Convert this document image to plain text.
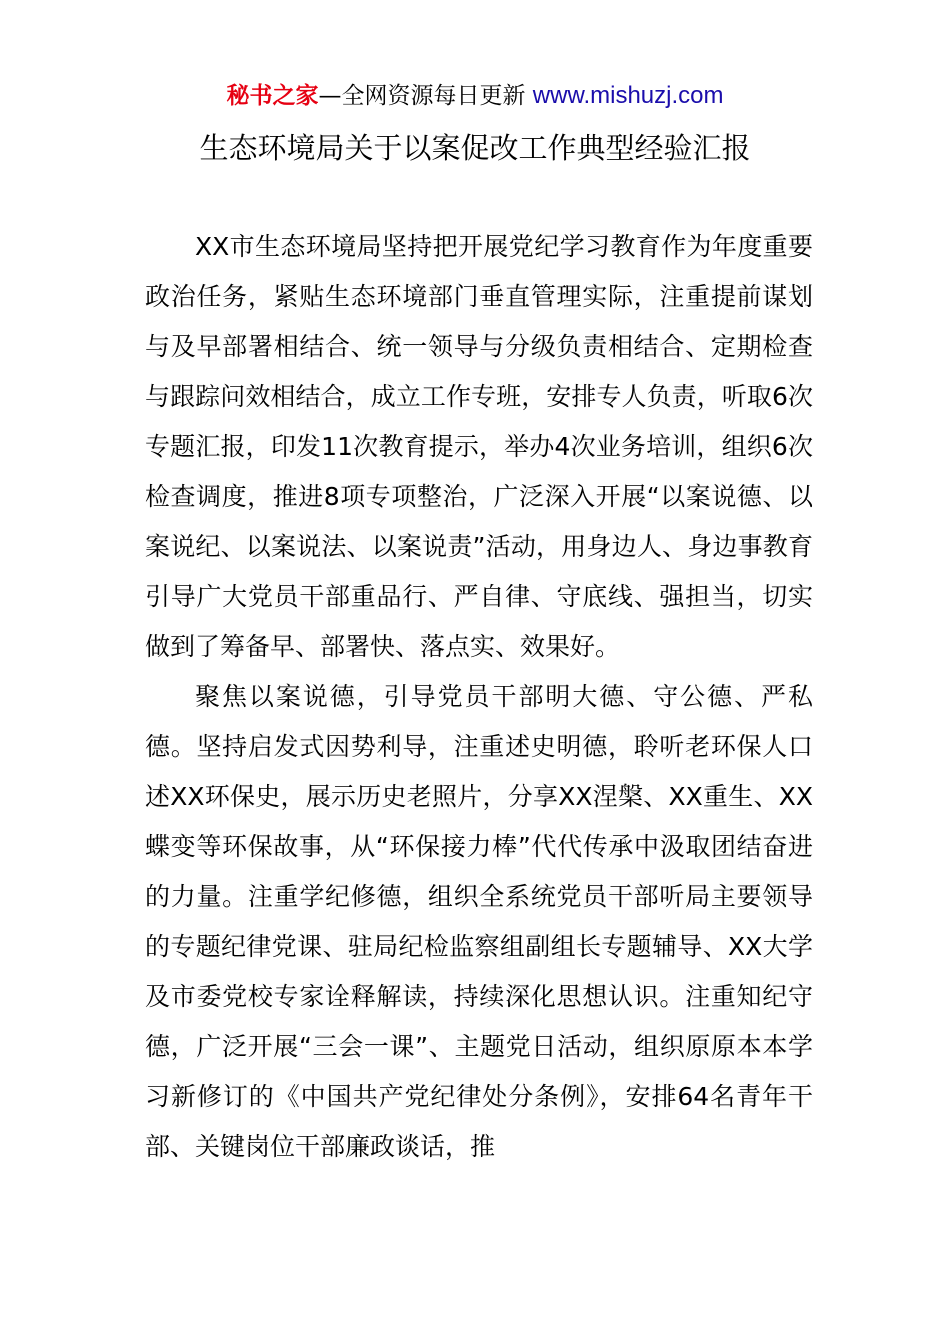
秘书之家—全网资源每日更新 www.mishuzj.com
生态环境局关于以案促改工作典型经验汇报

XX市生态环境局坚持把开展党纪学习教育作为年度重要政治任务，紧贴生态环境部门垂直管理实际，注重提前谋划与及早部署相结合、统一领导与分级负责相结合、定期检查与跟踪问效相结合，成立工作专班，安排专人负责，听取6次专题汇报，印发11次教育提示，举办4次业务培训，组织6次检查调度，推进8项专项整治，广泛深入开展“以案说德、以案说纪、以案说法、以案说责”活动，用身边人、身边事教育引导广大党员干部重品行、严自律、守底线、强担当，切实做到了筹备早、部署快、落点实、效果好。

聚焦以案说德，引导党员干部明大德、守公德、严私德。坚持启发式因势利导，注重述史明德，聆听老环保人口述XX环保史，展示历史老照片，分享XX涅槃、XX重生、XX蝶变等环保故事，从“环保接力棒”代代传承中汲取团结奋进的力量。注重学纪修德，组织全系统党员干部听局主要领导的专题纪律党课、驻局纪检监察组副组长专题辅导、XX大学及市委党校专家诠释解读，持续深化思想认识。注重知纪守德，广泛开展“三会一课”、主题党日活动，组织原原本本学习新修订的《中国共产党纪律处分条例》，安排64名青年干部、关键岗位干部廉政谈话，推
